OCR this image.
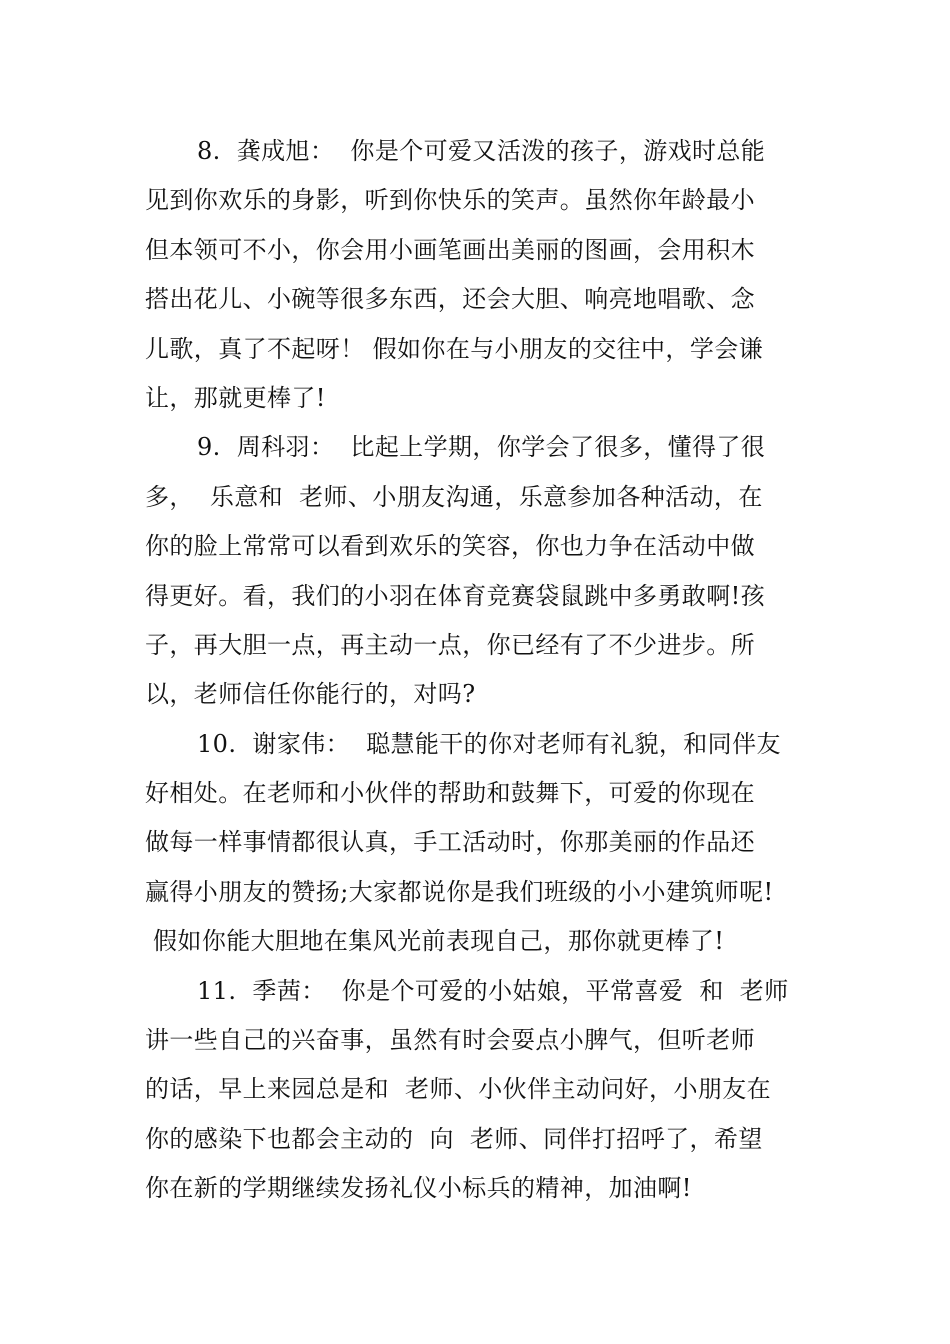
8.  龚成旭：  你是个可爱又活泼的孩子，游戏时总能
见到你欢乐的身影，听到你快乐的笑声。虽然你年龄最小
但本领可不小，你会用小画笔画出美丽的图画，会用积木
搭出花儿、小碗等很多东西，还会大胆、响亮地唱歌、念
儿歌，真了不起呀！ 假如你在与小朋友的交往中，学会谦
让，那就更棒了!
9.  周科羽：  比起上学期，你学会了很多，懂得了很
多，  乐意和  老师、小朋友沟通，乐意参加各种活动，在
你的脸上常常可以看到欢乐的笑容，你也力争在活动中做
得更好。看，我们的小羽在体育竞赛袋鼠跳中多勇敢啊!孩
子，再大胆一点，再主动一点，你已经有了不少进步。所
以，老师信任你能行的，对吗?
10.  谢家伟：  聪慧能干的你对老师有礼貌，和同伴友
好相处。在老师和小伙伴的帮助和鼓舞下，可爱的你现在
做每一样事情都很认真，手工活动时，你那美丽的作品还
赢得小朋友的赞扬;大家都说你是我们班级的小小建筑师呢!
假如你能大胆地在集风光前表现自己，那你就更棒了!
11.  季茜：  你是个可爱的小姑娘，平常喜爱  和  老师
讲一些自己的兴奋事，虽然有时会耍点小脾气，但听老师
的话，早上来园总是和  老师、小伙伴主动问好，小朋友在
你的感染下也都会主动的  向  老师、同伴打招呼了，希望
你在新的学期继续发扬礼仪小标兵的精神，加油啊!
